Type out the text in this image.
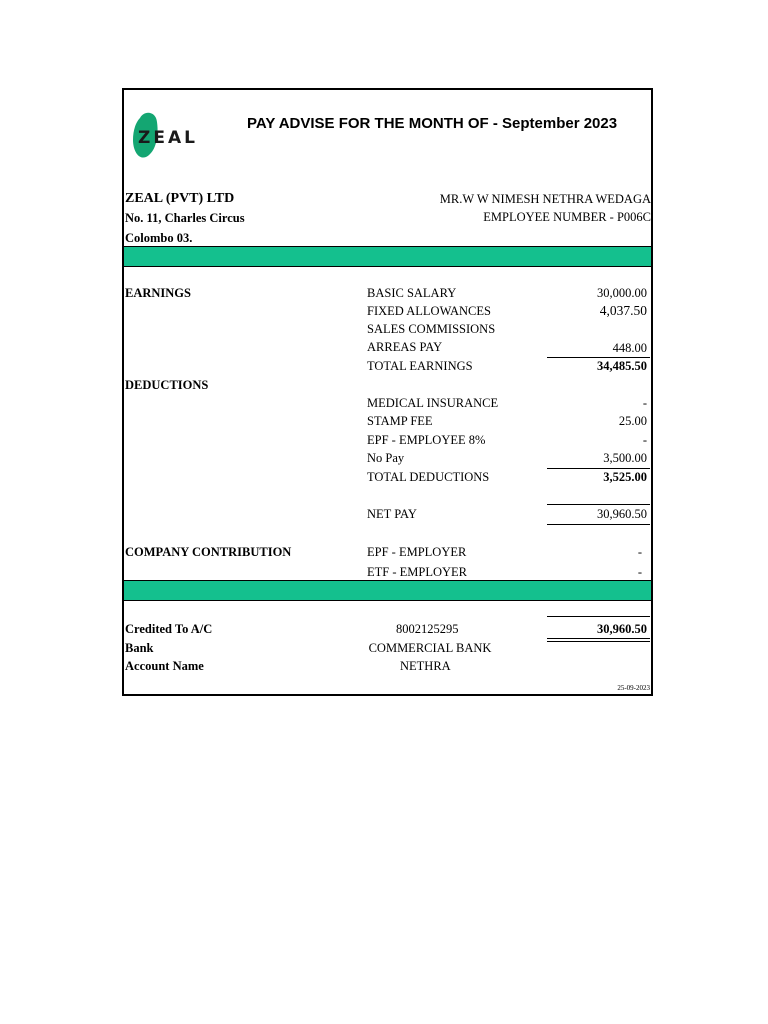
ZEAL
PAY ADVISE FOR THE MONTH OF - September 2023
ZEAL (PVT) LTD
No. 11, Charles Circus
Colombo 03.
MR.W W NIMESH NETHRA WEDAGA
EMPLOYEE NUMBER - P006C
EARNINGS	BASIC SALARY	30,000.00
FIXED ALLOWANCES	4,037.50
SALES COMMISSIONS
ARREAS PAY	448.00
TOTAL EARNINGS	34,485.50
DEDUCTIONS
MEDICAL INSURANCE	-
STAMP FEE	25.00
EPF - EMPLOYEE 8%	-
No Pay	3,500.00
TOTAL DEDUCTIONS	3,525.00
NET PAY	30,960.50
COMPANY CONTRIBUTION	EPF - EMPLOYER	-
ETF - EMPLOYER	-
Credited To A/C	8002125295	30,960.50
Bank	COMMERCIAL BANK
Account Name	NETHRA
25-09-2023
